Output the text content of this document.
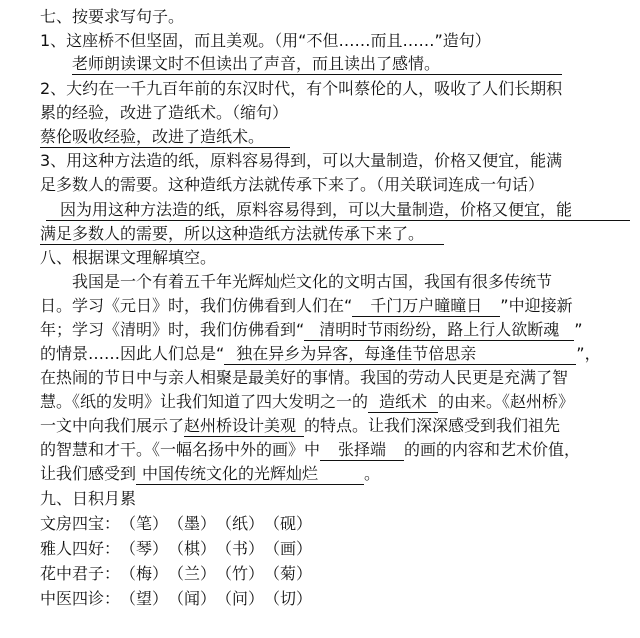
七、按要求写句子。
1、这座桥不但坚固，而且美观。（用“不但……而且……”造句）
老师朗读课文时不但读出了声音，而且读出了感情。
2、大约在一千九百年前的东汉时代，有个叫蔡伦的人，吸收了人们长期积
累的经验，改进了造纸术。（缩句）
蔡伦吸收经验，改进了造纸术。
3、用这种方法造的纸，原料容易得到，可以大量制造，价格又便宜，能满
足多数人的需要。这种造纸方法就传承下来了。（用关联词连成一句话）
因为用这种方法造的纸，原料容易得到，可以大量制造，价格又便宜，能
满足多数人的需要，所以这种造纸方法就传承下来了。
八、根据课文理解填空。
我国是一个有着五千年光辉灿烂文化的文明古国，我国有很多传统节
日。学习《元日》时，我们仿佛看到人们在“ 千门万户曈曈日 ”中迎接新
年；学习《清明》时，我们仿佛看到“ 清明时节雨纷纷，路上行人欲断魂 ”
的情景……因此人们总是“ 独在异乡为异客，每逢佳节倍思亲	”，
在热闹的节日中与亲人相聚是最美好的事情。我国的劳动人民更是充满了智
慧。《纸的发明》让我们知道了四大发明之一的 造纸术 的由来。《赵州桥》
一文中向我们展示了赵州桥设计美观 的特点。让我们深深感受到我们祖先
的智慧和才干。《一幅名扬中外的画》中 张择端 的画的内容和艺术价值，
让我们感受到 中国传统文化的光辉灿烂	。
九、日积月累
文房四宝：（笔）（墨）（纸）（砚）
雅人四好：（琴）（棋）（书）（画）
花中君子：（梅）（兰）（竹）（菊）
中医四诊：（望）（闻）（问）（切）
